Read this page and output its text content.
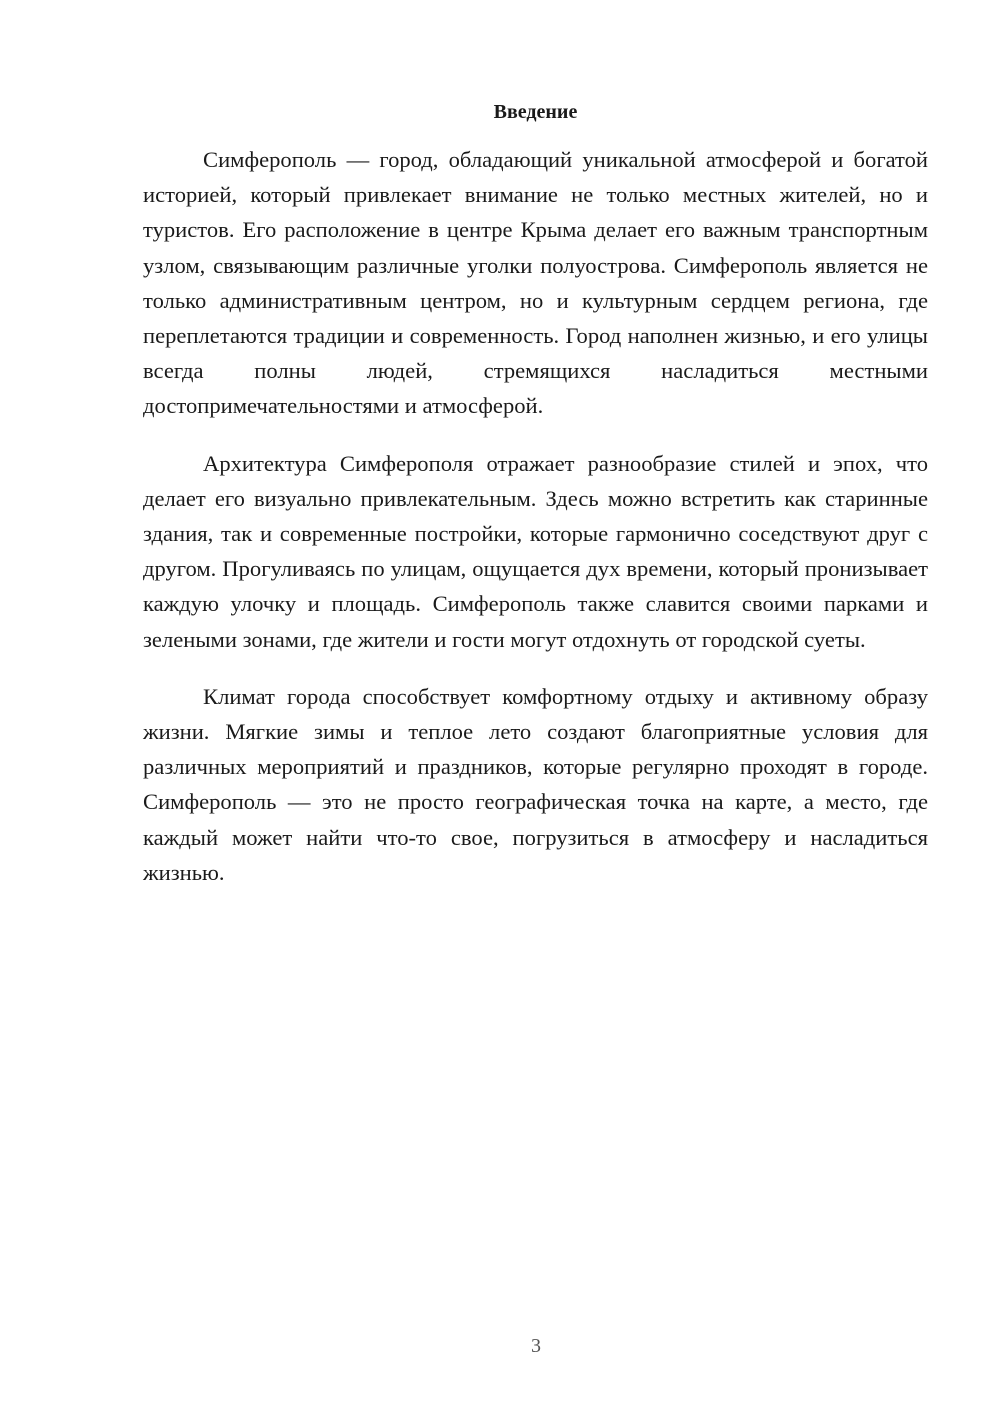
Введение

Симферополь — город, обладающий уникальной атмосферой и богатой историей, который привлекает внимание не только местных жителей, но и туристов. Его расположение в центре Крыма делает его важным транспортным узлом, связывающим различные уголки полуострова. Симферополь является не только административным центром, но и культурным сердцем региона, где переплетаются традиции и современность. Город наполнен жизнью, и его улицы всегда полны людей, стремящихся насладиться местными достопримечательностями и атмосферой.

Архитектура Симферополя отражает разнообразие стилей и эпох, что делает его визуально привлекательным. Здесь можно встретить как старинные здания, так и современные постройки, которые гармонично соседствуют друг с другом. Прогуливаясь по улицам, ощущается дух времени, который пронизывает каждую улочку и площадь. Симферополь также славится своими парками и зелеными зонами, где жители и гости могут отдохнуть от городской суеты.

Климат города способствует комфортному отдыху и активному образу жизни. Мягкие зимы и теплое лето создают благоприятные условия для различных мероприятий и праздников, которые регулярно проходят в городе. Симферополь — это не просто географическая точка на карте, а место, где каждый может найти что-то свое, погрузиться в атмосферу и насладиться жизнью.

3
